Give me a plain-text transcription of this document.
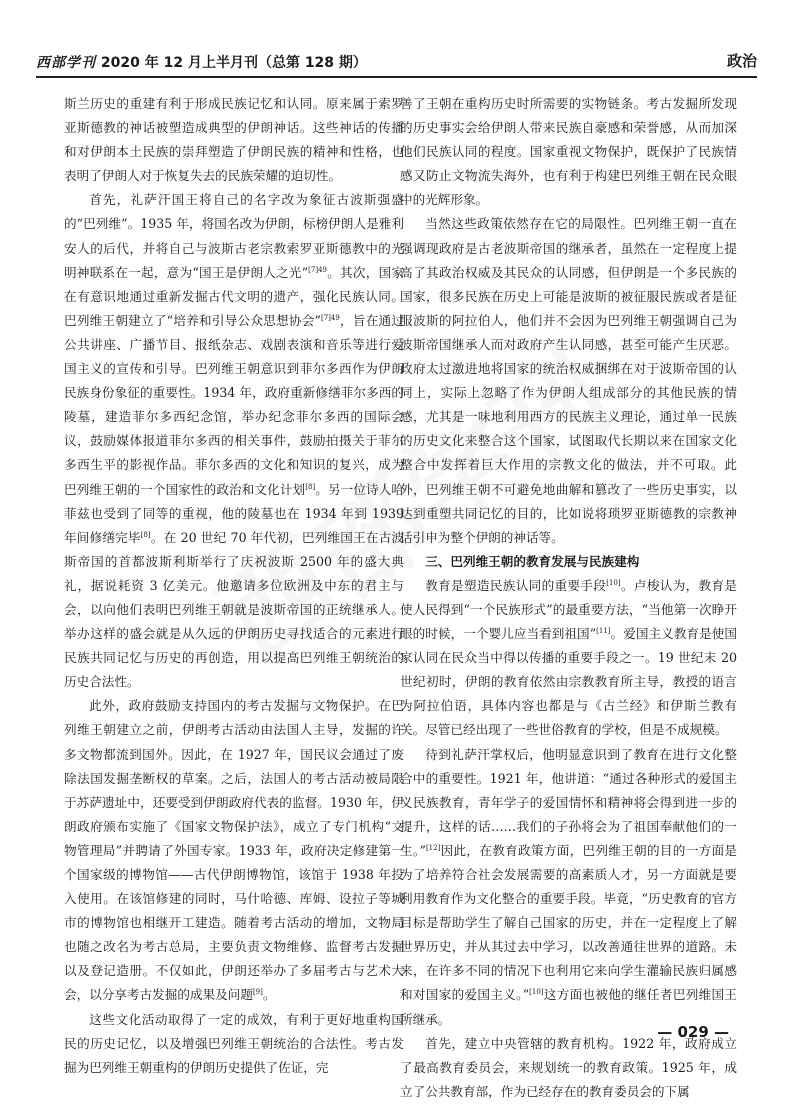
西部学刊 2020 年 12 月上半月刊（总第 128 期）	政治

斯兰历史的重建有利于形成民族记忆和认同。原来属于索罗亚斯德教的神话被塑造成典型的伊朗神话。这些神话的传播和对伊朗本土民族的崇拜塑造了伊朗民族的精神和性格，也表明了伊朗人对于恢复失去的民族荣耀的迫切性。

首先，礼萨汗国王将自己的名字改为象征古波斯强盛的“巴列维”。1935 年，将国名改为伊朗，标榜伊朗人是雅利安人的后代，并将自己与波斯古老宗教索罗亚斯德教中的光明神联系在一起，意为“国王是伊朗人之光”$^{[7]49}$。其次，国家在有意识地通过重新发掘古代文明的遗产，强化民族认同。巴列维王朝建立了“培养和引导公众思想协会”$^{[7]49}$，旨在通过公共讲座、广播节目、报纸杂志、戏剧表演和音乐等进行爱国主义的宣传和引导。巴列维王朝意识到菲尔多西作为伊朗民族身份象征的重要性。1934 年，政府重新修缮菲尔多西的陵墓，建造菲尔多西纪念馆，举办纪念菲尔多西的国际会议，鼓励媒体报道菲尔多西的相关事件，鼓励拍摄关于菲尔多西生平的影视作品。菲尔多西的文化和知识的复兴，成为巴列维王朝的一个国家性的政治和文化计划[8]。另一位诗人哈菲兹也受到了同等的重视，他的陵墓也在 1934 年到 1939 年间修缮完毕[8]。在 20 世纪 70 年代初，巴列维国王在古波斯帝国的首都波斯利斯举行了庆祝波斯 2500 年的盛大典礼，据说耗资 3 亿美元。他邀请多位欧洲及中东的君主与会，以向他们表明巴列维王朝就是波斯帝国的正统继承人。举办这样的盛会就是从久远的伊朗历史寻找适合的元素进行民族共同记忆与历史的再创造，用以提高巴列维王朝统治的历史合法性。

此外，政府鼓励支持国内的考古发掘与文物保护。在巴列维王朝建立之前，伊朗考古活动由法国人主导，发掘的许多文物都流到国外。因此，在 1927 年，国民议会通过了废除法国发掘垄断权的草案。之后，法国人的考古活动被局限于苏萨遗址中，还要受到伊朗政府代表的监督。1930 年，伊朗政府颁布实施了《国家文物保护法》，成立了专门机构“文物管理局”并聘请了外国专家。1933 年，政府决定修建第一个国家级的博物馆——古代伊朗博物馆，该馆于 1938 年投入使用。在该馆修建的同时，马什哈德、库姆、设拉子等城市的博物馆也相继开工建造。随着考古活动的增加，文物局也随之改名为考古总局，主要负责文物维修、监督考古发掘以及登记造册。不仅如此，伊朗还举办了多届考古与艺术大会，以分享考古发掘的成果及问题[9]。

这些文化活动取得了一定的成效，有利于更好地重构国民的历史记忆，以及增强巴列维王朝统治的合法性。考古发掘为巴列维王朝重构的伊朗历史提供了佐证，完

善了王朝在重构历史时所需要的实物链条。考古发掘所发现的历史事实会给伊朗人带来民族自豪感和荣誉感，从而加深他们民族认同的程度。国家重视文物保护，既保护了民族情感又防止文物流失海外，也有利于构建巴列维王朝在民众眼中的光辉形象。

当然这些政策依然存在它的局限性。巴列维王朝一直在强调现政府是古老波斯帝国的继承者，虽然在一定程度上提高了其政治权威及其民众的认同感，但伊朗是一个多民族的国家，很多民族在历史上可能是波斯的被征服民族或者是征服波斯的阿拉伯人，他们并不会因为巴列维王朝强调自己为波斯帝国继承人而对政府产生认同感，甚至可能产生厌恶。政府太过激进地将国家的统治权威捆绑在对于波斯帝国的认同上，实际上忽略了作为伊朗人组成部分的其他民族的情感，尤其是一味地利用西方的民族主义理论，通过单一民族的历史文化来整合这个国家，试图取代长期以来在国家文化整合中发挥着巨大作用的宗教文化的做法，并不可取。此外，巴列维王朝不可避免地曲解和篡改了一些历史事实，以达到重塑共同记忆的目的，比如说将琐罗亚斯德教的宗教神话引申为整个伊朗的神话等。

三、巴列维王朝的教育发展与民族建构

教育是塑造民族认同的重要手段[10]。卢梭认为，教育是使人民得到“一个民族形式”的最重要方法，“当他第一次睁开眼的时候，一个婴儿应当看到祖国”[11]。爱国主义教育是使国家认同在民众当中得以传播的重要手段之一。19 世纪末 20 世纪初时，伊朗的教育依然由宗教教育所主导，教授的语言为阿拉伯语，具体内容也都是与《古兰经》和伊斯兰教有关。尽管已经出现了一些世俗教育的学校，但是不成规模。

待到礼萨汗掌权后，他明显意识到了教育在进行文化整合中的重要性。1921 年，他讲道：“通过各种形式的爱国主义民族教育，青年学子的爱国情怀和精神将会得到进一步的提升，这样的话……我们的子孙将会为了祖国奉献他们的一生。”[12]因此，在教育政策方面，巴列维王朝的目的一方面是为了培养符合社会发展需要的高素质人才，另一方面就是要利用教育作为文化整合的重要手段。毕竟，“历史教育的官方目标是帮助学生了解自己国家的历史，并在一定程度上了解世界历史，并从其过去中学习，以改善通往世界的道路。未来，在许多不同的情况下也利用它来向学生灌输民族归属感和对国家的爱国主义。”[10]这方面也被他的继任者巴列维国王所继承。

首先，建立中央管辖的教育机构。1922 年，政府成立了最高教育委员会，来规划统一的教育政策。1925 年，成立了公共教育部，作为已经存在的教育委员会的下属

— 029 —
